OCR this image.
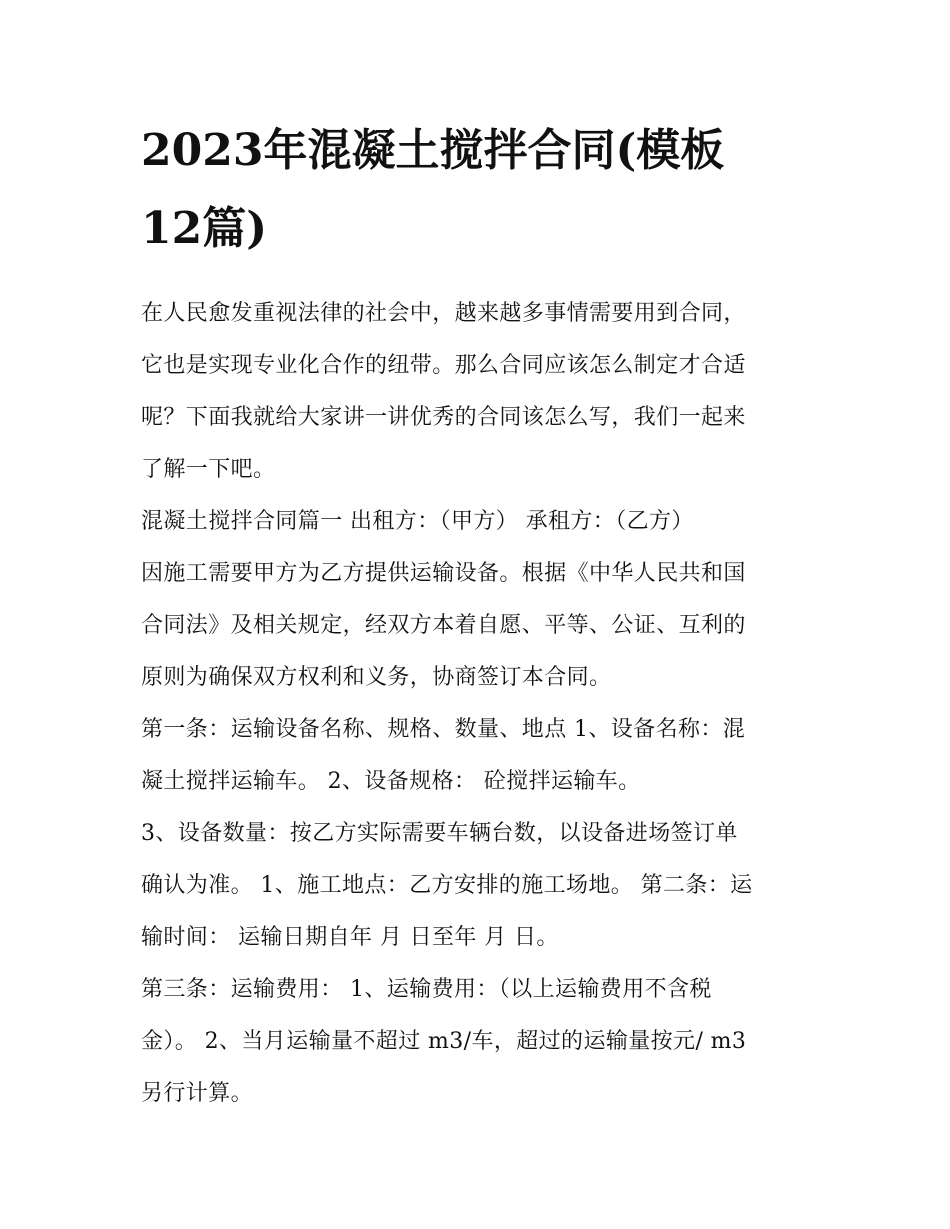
2023年混凝土搅拌合同(模板
12篇)

在人民愈发重视法律的社会中，越来越多事情需要用到合同，
它也是实现专业化合作的纽带。那么合同应该怎么制定才合适
呢？下面我就给大家讲一讲优秀的合同该怎么写，我们一起来
了解一下吧。

混凝土搅拌合同篇一 出租方：（甲方） 承租方：（乙方）

因施工需要甲方为乙方提供运输设备。根据《中华人民共和国
合同法》及相关规定，经双方本着自愿、平等、公证、互利的
原则为确保双方权利和义务，协商签订本合同。

第一条：运输设备名称、规格、数量、地点 1、设备名称：混
凝土搅拌运输车。 2、设备规格： 砼搅拌运输车。

3、设备数量：按乙方实际需要车辆台数，以设备进场签订单
确认为准。 1、施工地点：乙方安排的施工场地。 第二条：运
输时间： 运输日期自年 月 日至年 月 日。

第三条：运输费用： 1、运输费用：（以上运输费用不含税
金）。 2、当月运输量不超过 m3/车，超过的运输量按元/ m3
另行计算。
